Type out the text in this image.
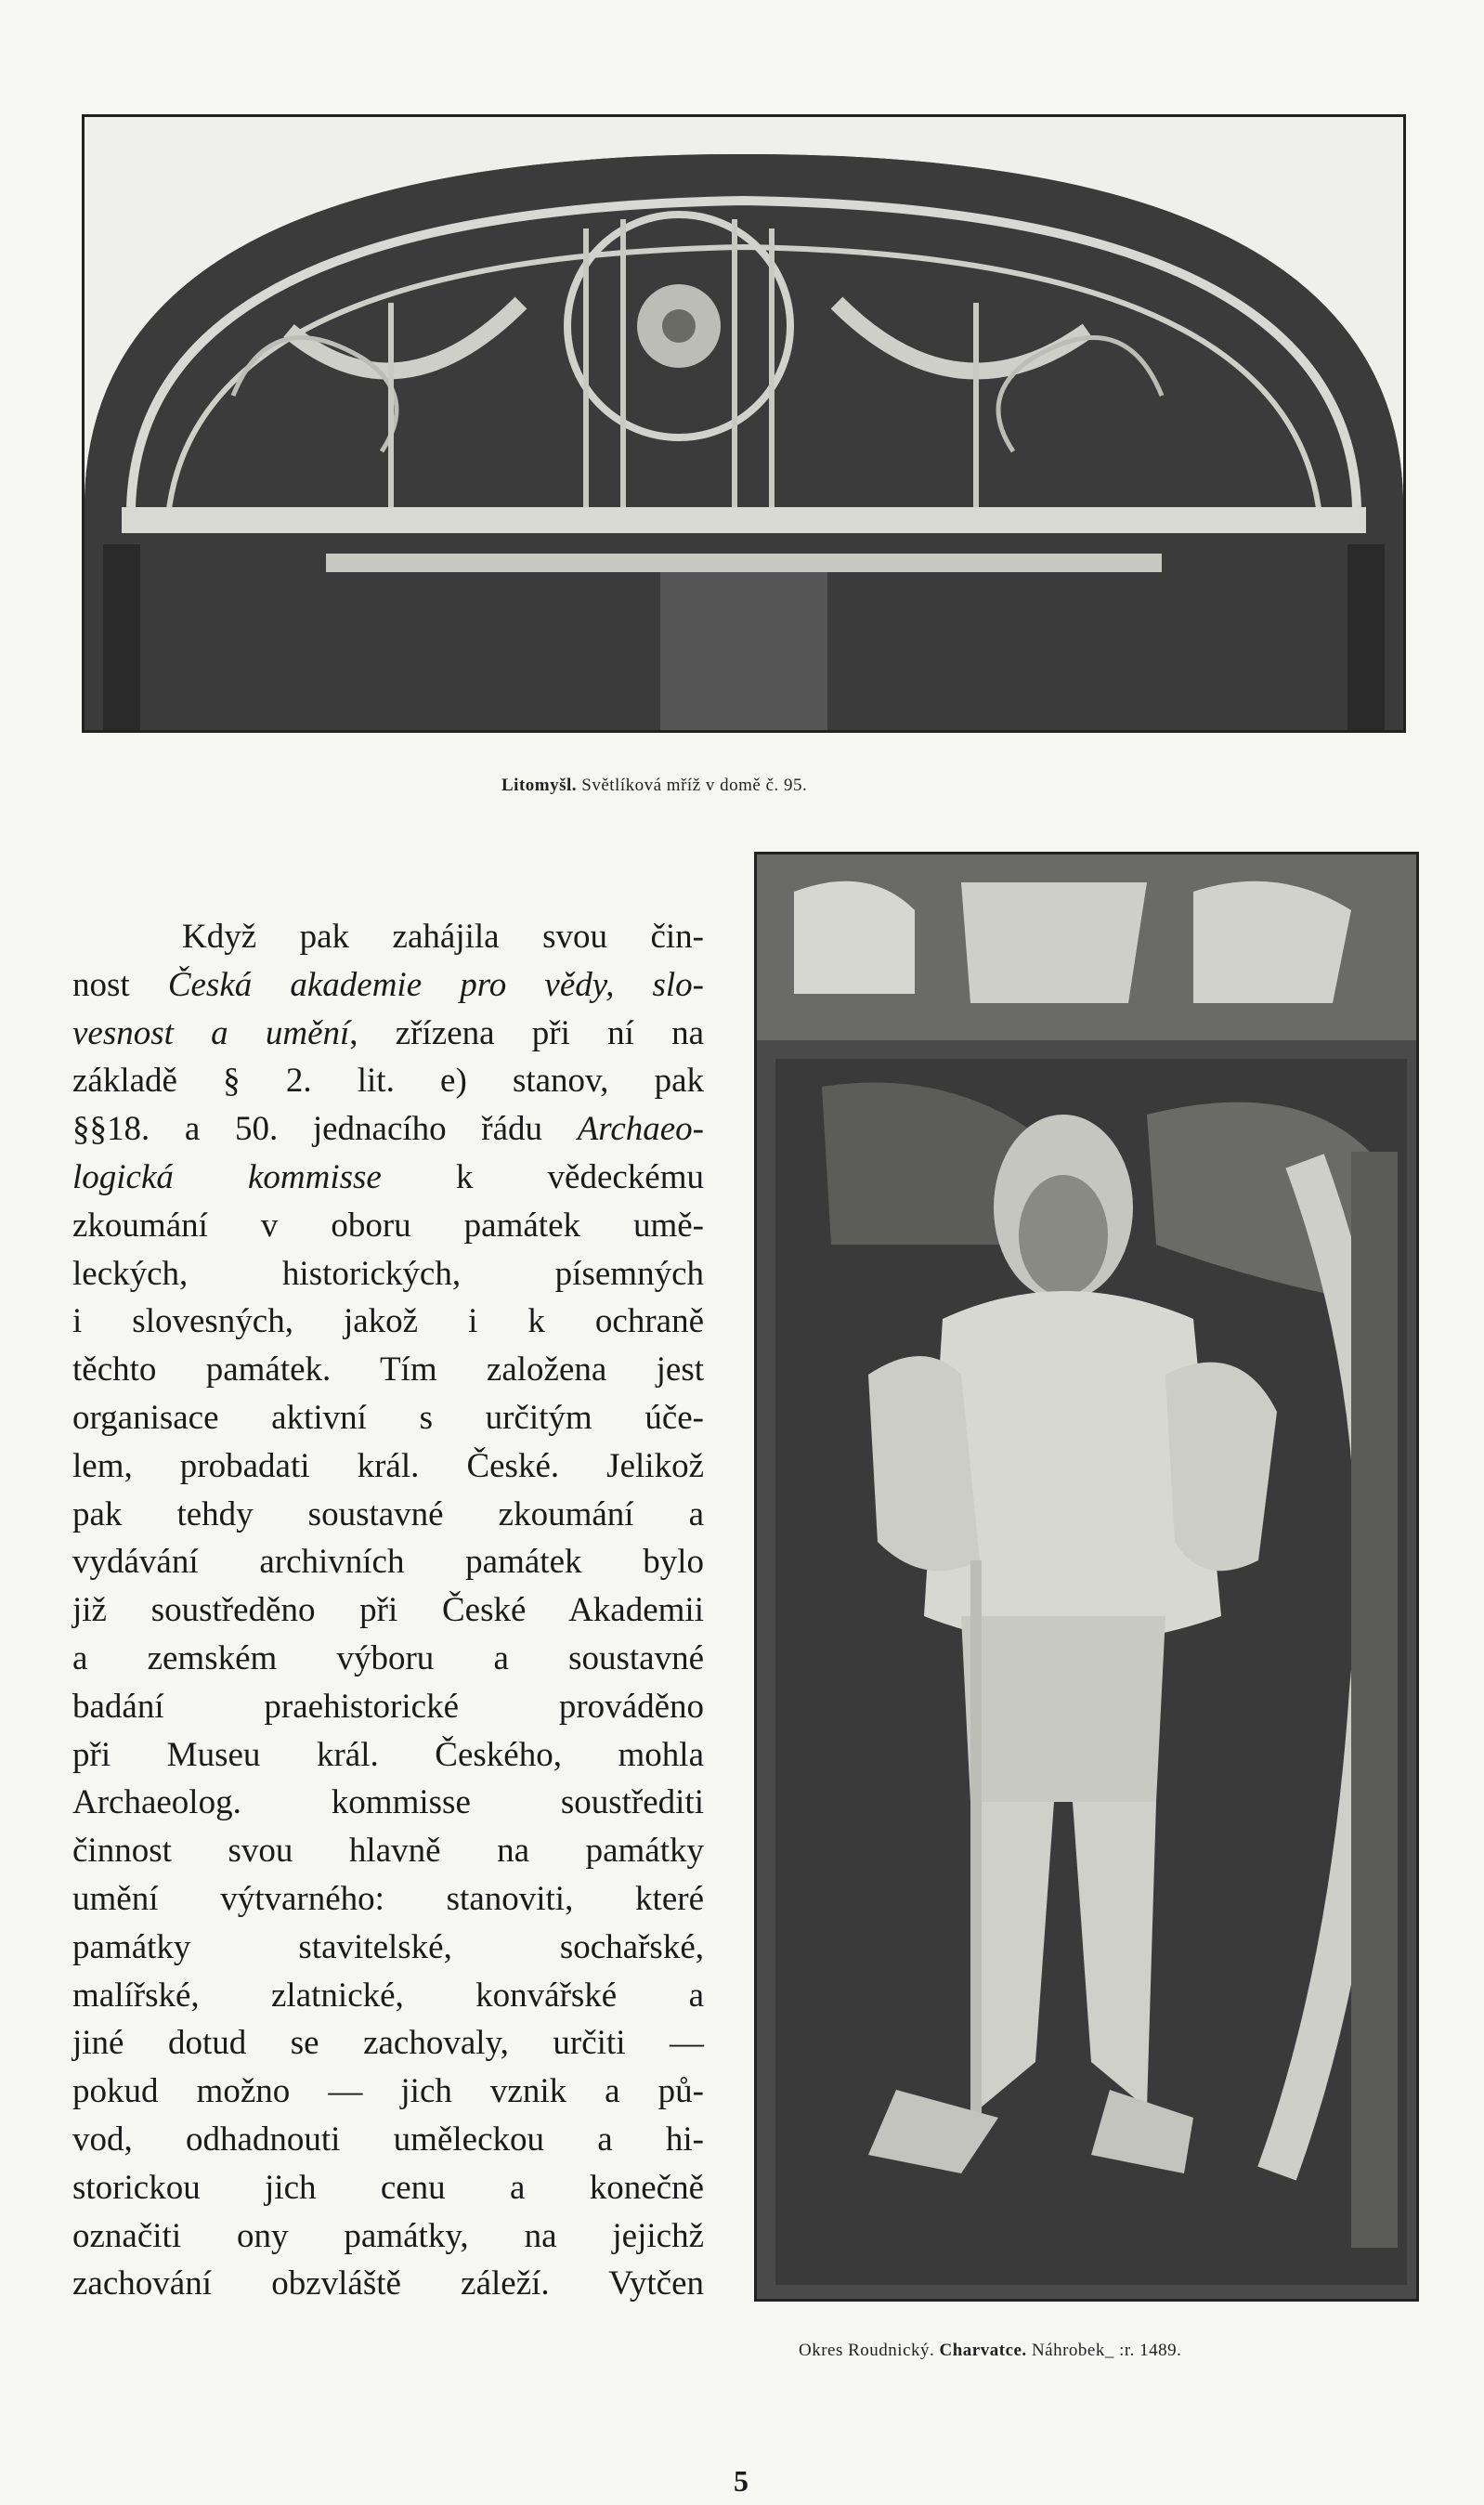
Litomyšl. Světlíková mříž v domě č. 95.
Když pak zahájila svou čin-
nost Česká akademie pro vědy, slo-
vesnost a umění, zřízena při ní na
základě § 2. lit. e) stanov, pak
§§18. a 50. jednacího řádu Archaeo-
logická kommisse k vědeckému
zkoumání v oboru památek umě-
leckých, historických, písemných
i slovesných, jakož i k ochraně
těchto památek. Tím založena jest
organisace aktivní s určitým úče-
lem, probadati král. České. Jelikož
pak tehdy soustavné zkoumání a
vydávání archivních památek bylo
již soustředěno při České Akademii
a zemském výboru a soustavné
badání praehistorické prováděno
při Museu král. Českého, mohla
Archaeolog. kommisse soustřediti
činnost svou hlavně na památky
umění výtvarného: stanoviti, které
památky stavitelské, sochařské,
malířské, zlatnické, konvářské a
jiné dotud se zachovaly, určiti —
pokud možno — jich vznik a pů-
vod, odhadnouti uměleckou a hi-
storickou jich cenu a konečně
označiti ony památky, na jejichž
zachování obzvláště záleží. Vytčen
Okres Roudnický. Charvatce. Náhrobek_ :r. 1489.
5
